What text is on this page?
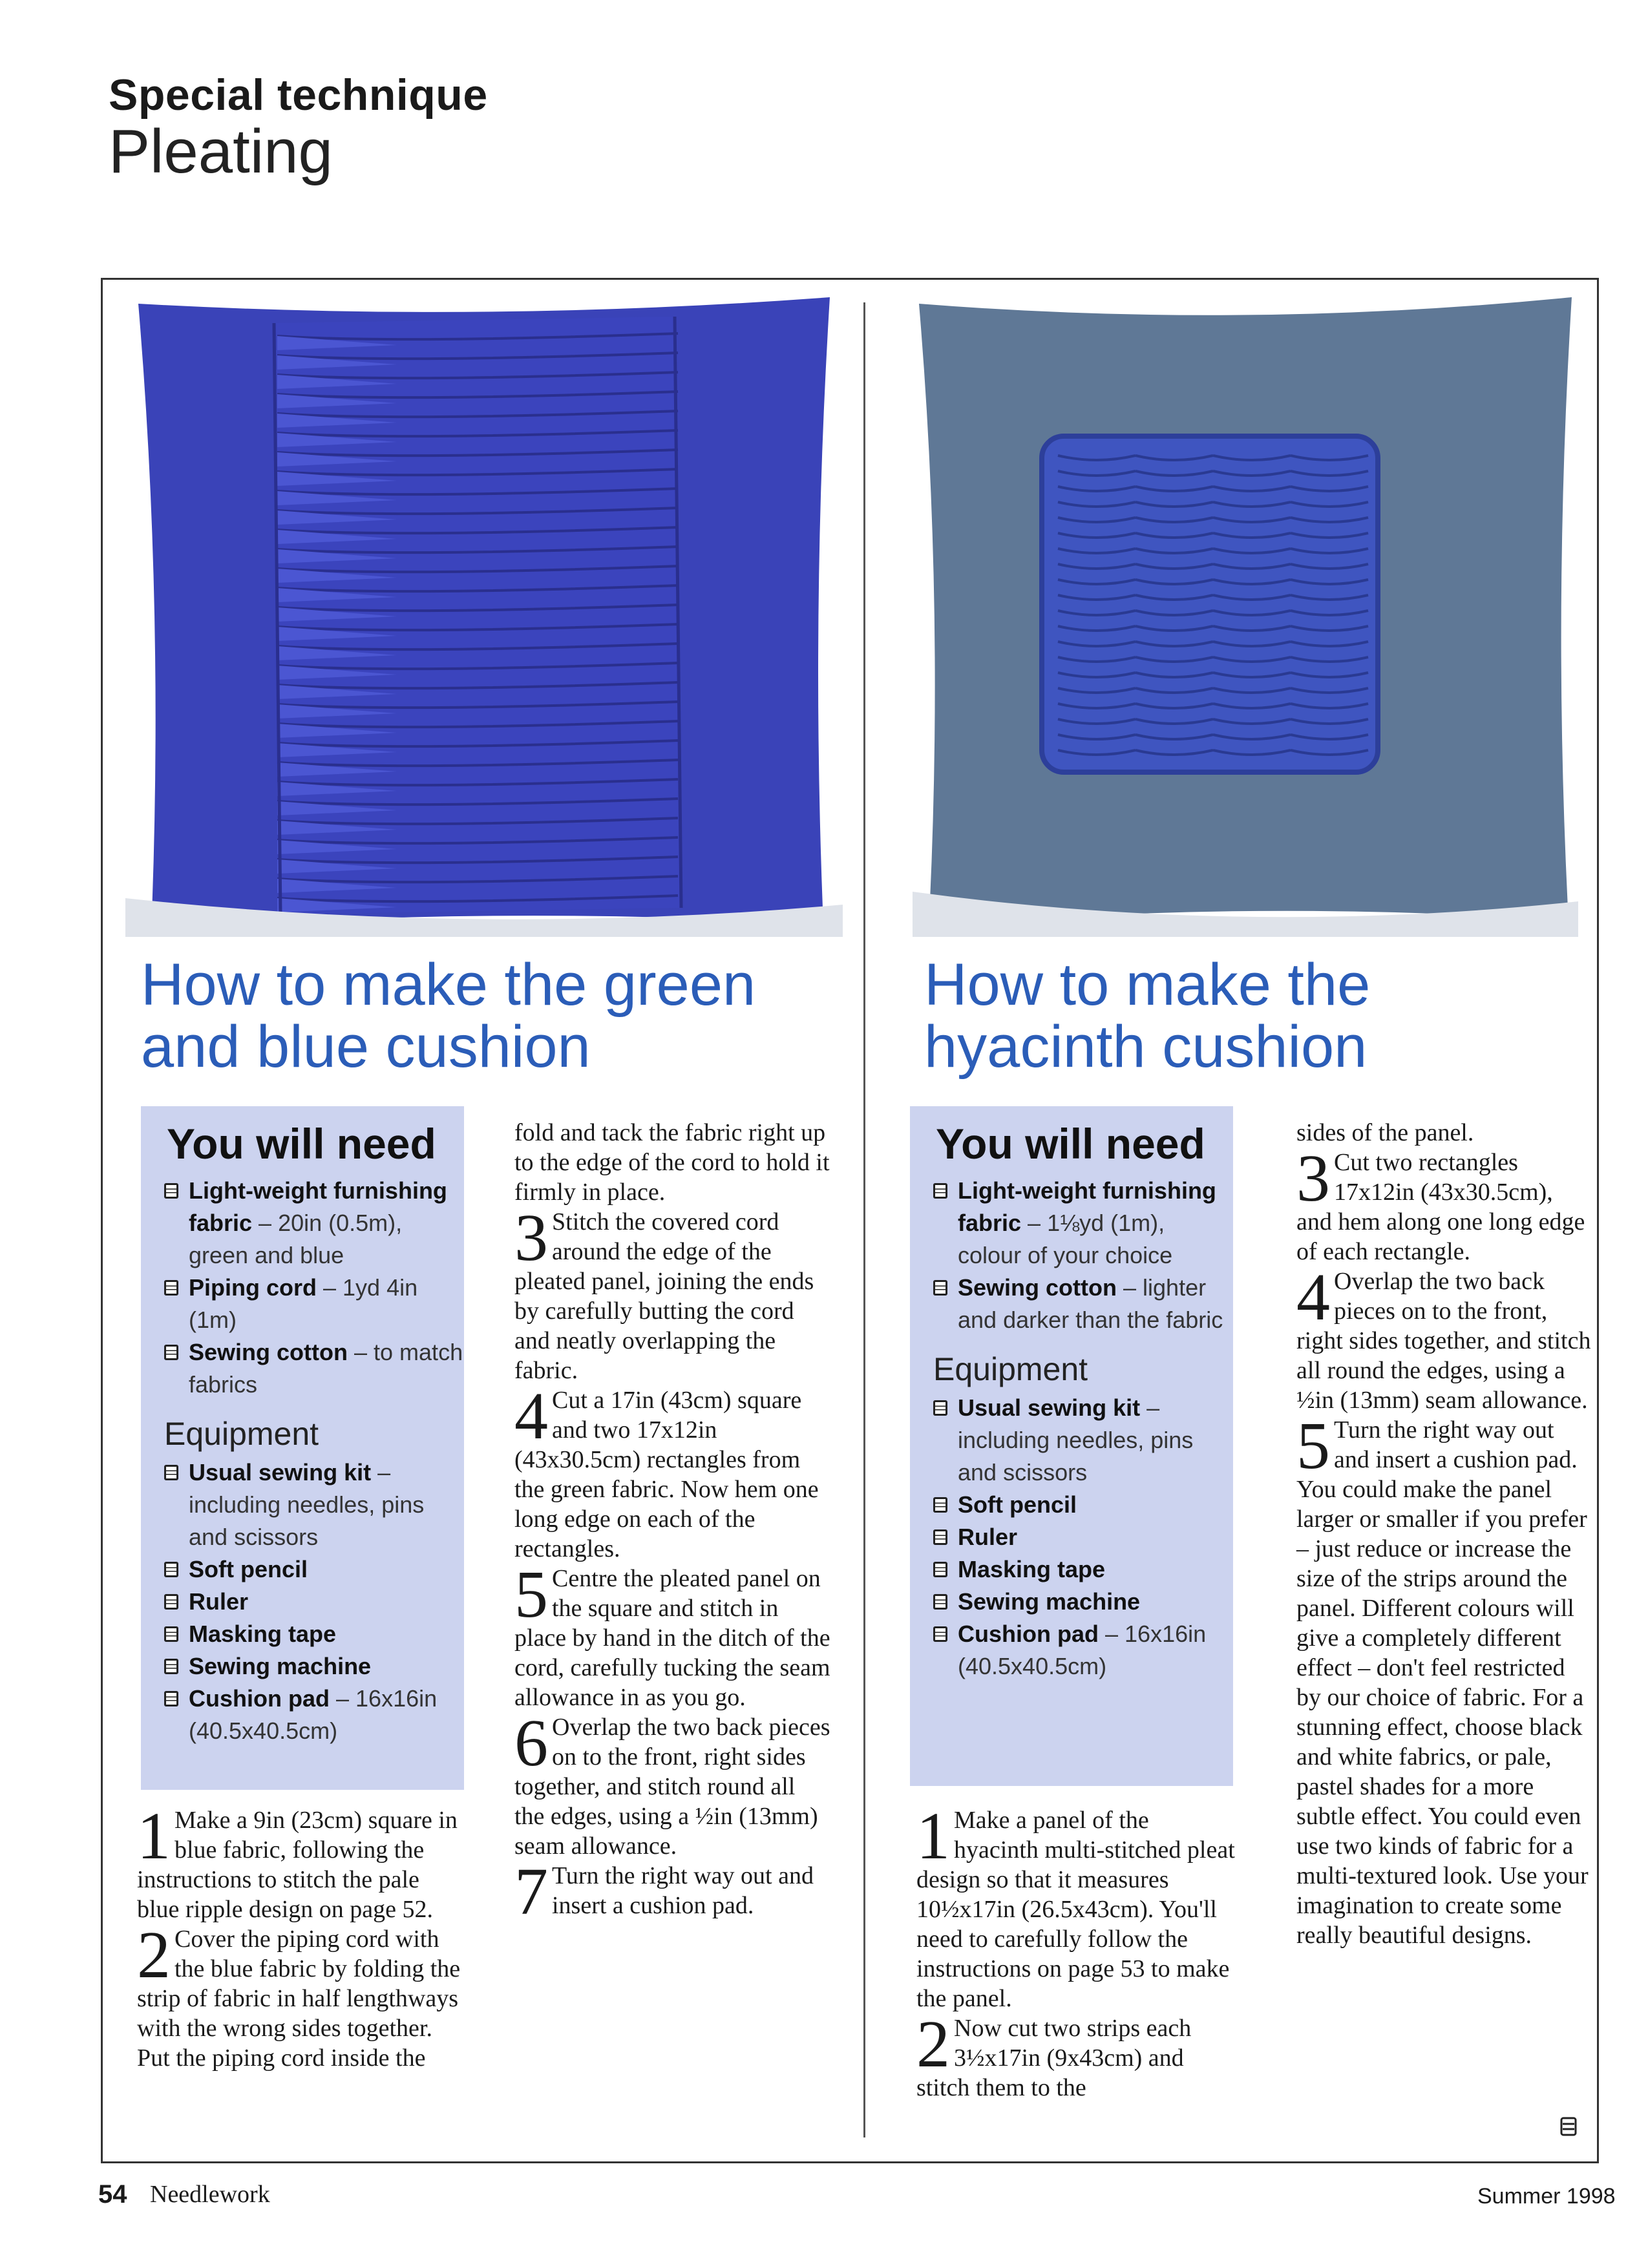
Special technique
Pleating
How to make the green
and blue cushion
How to make the
hyacinth cushion
You will need
Light-weight furnishing fabric – 20in (0.5m), green and blue
Piping cord – 1yd 4in (1m)
Sewing cotton – to match fabrics
Equipment
Usual sewing kit – including needles, pins and scissors
Soft pencil
Ruler
Masking tape
Sewing machine
Cushion pad – 16x16in (40.5x40.5cm)
You will need
Light-weight furnishing fabric – 1⅛yd (1m), colour of your choice
Sewing cotton – lighter and darker than the fabric
Equipment
Usual sewing kit – including needles, pins and scissors
Soft pencil
Ruler
Masking tape
Sewing machine
Cushion pad – 16x16in (40.5x40.5cm)

1 Make a 9in (23cm) square in blue fabric, following the instructions to stitch the pale blue ripple design on page 52.

2 Cover the piping cord with the blue fabric by folding the strip of fabric in half lengthways with the wrong sides together. Put the piping cord inside the

fold and tack the fabric right up to the edge of the cord to hold it firmly in place.

3 Stitch the covered cord around the edge of the pleated panel, joining the ends by carefully butting the cord and neatly overlapping the fabric.

4 Cut a 17in (43cm) square and two 17x12in (43x30.5cm) rectangles from the green fabric. Now hem one long edge on each of the rectangles.

5 Centre the pleated panel on the square and stitch in place by hand in the ditch of the cord, carefully tucking the seam allowance in as you go.

6 Overlap the two back pieces on to the front, right sides together, and stitch round all the edges, using a ½in (13mm) seam allowance.

7 Turn the right way out and insert a cushion pad.

1 Make a panel of the hyacinth multi-stitched pleat design so that it measures 10½x17in (26.5x43cm). You'll need to carefully follow the instructions on page 53 to make the panel.

2 Now cut two strips each 3½x17in (9x43cm) and stitch them to the

sides of the panel.

3 Cut two rectangles 17x12in (43x30.5cm), and hem along one long edge of each rectangle.

4 Overlap the two back pieces on to the front, right sides together, and stitch all round the edges, using a ½in (13mm) seam allowance.

5 Turn the right way out and insert a cushion pad. You could make the panel larger or smaller if you prefer – just reduce or increase the size of the strips around the panel. Different colours will give a completely different effect – don't feel restricted by our choice of fabric. For a stunning effect, choose black and white fabrics, or pale, pastel shades for a more subtle effect. You could even use two kinds of fabric for a multi-textured look. Use your imagination to create some really beautiful designs.

54 Needlework	Summer 1998
